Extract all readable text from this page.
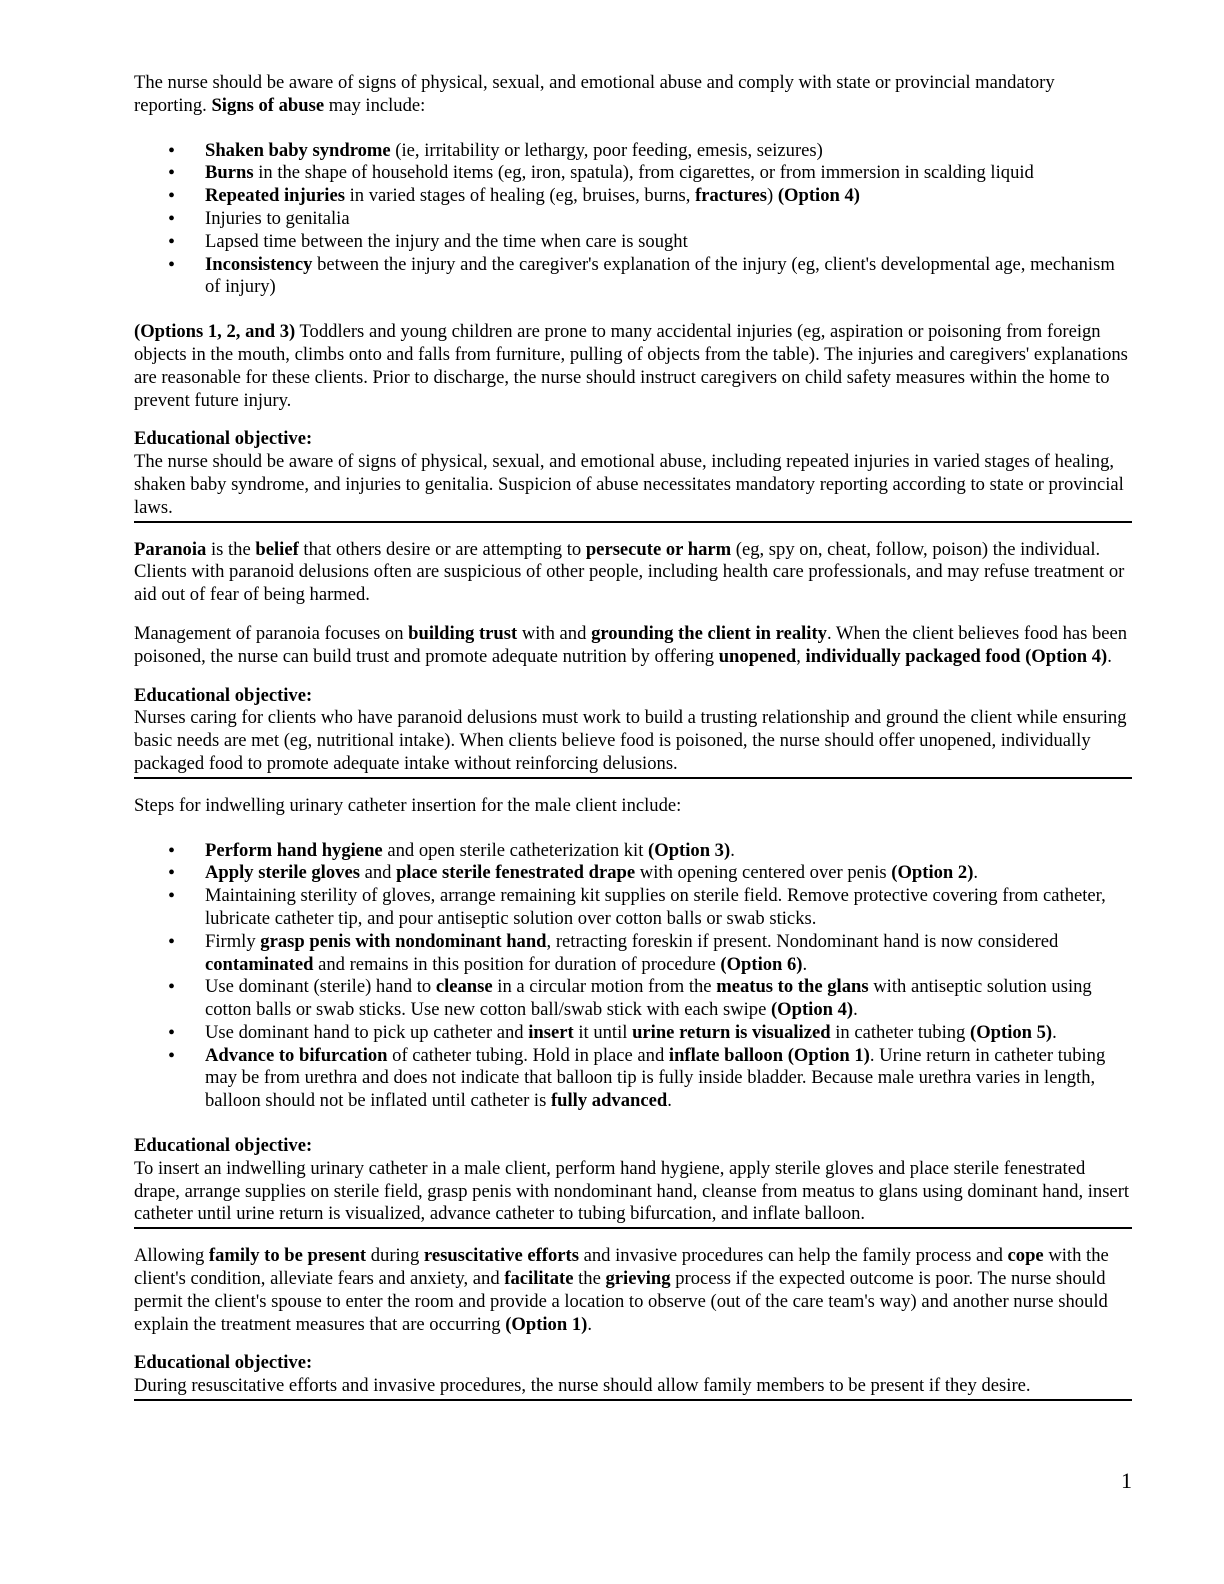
The nurse should be aware of signs of physical, sexual, and emotional abuse and comply with state or provincial mandatory reporting. Signs of abuse may include:

• Shaken baby syndrome (ie, irritability or lethargy, poor feeding, emesis, seizures)
• Burns in the shape of household items (eg, iron, spatula), from cigarettes, or from immersion in scalding liquid
• Repeated injuries in varied stages of healing (eg, bruises, burns, fractures) (Option 4)
• Injuries to genitalia
• Lapsed time between the injury and the time when care is sought
• Inconsistency between the injury and the caregiver's explanation of the injury (eg, client's developmental age, mechanism of injury)

(Options 1, 2, and 3) Toddlers and young children are prone to many accidental injuries (eg, aspiration or poisoning from foreign objects in the mouth, climbs onto and falls from furniture, pulling of objects from the table). The injuries and caregivers' explanations are reasonable for these clients. Prior to discharge, the nurse should instruct caregivers on child safety measures within the home to prevent future injury.

Educational objective:

The nurse should be aware of signs of physical, sexual, and emotional abuse, including repeated injuries in varied stages of healing, shaken baby syndrome, and injuries to genitalia. Suspicion of abuse necessitates mandatory reporting according to state or provincial laws.

Paranoia is the belief that others desire or are attempting to persecute or harm (eg, spy on, cheat, follow, poison) the individual. Clients with paranoid delusions often are suspicious of other people, including health care professionals, and may refuse treatment or aid out of fear of being harmed.

Management of paranoia focuses on building trust with and grounding the client in reality. When the client believes food has been poisoned, the nurse can build trust and promote adequate nutrition by offering unopened, individually packaged food (Option 4).

Educational objective:

Nurses caring for clients who have paranoid delusions must work to build a trusting relationship and ground the client while ensuring basic needs are met (eg, nutritional intake). When clients believe food is poisoned, the nurse should offer unopened, individually packaged food to promote adequate intake without reinforcing delusions.

Steps for indwelling urinary catheter insertion for the male client include:

• Perform hand hygiene and open sterile catheterization kit (Option 3).
• Apply sterile gloves and place sterile fenestrated drape with opening centered over penis (Option 2).
• Maintaining sterility of gloves, arrange remaining kit supplies on sterile field. Remove protective covering from catheter, lubricate catheter tip, and pour antiseptic solution over cotton balls or swab sticks.
• Firmly grasp penis with nondominant hand, retracting foreskin if present. Nondominant hand is now considered contaminated and remains in this position for duration of procedure (Option 6).
• Use dominant (sterile) hand to cleanse in a circular motion from the meatus to the glans with antiseptic solution using cotton balls or swab sticks. Use new cotton ball/swab stick with each swipe (Option 4).
• Use dominant hand to pick up catheter and insert it until urine return is visualized in catheter tubing (Option 5).
• Advance to bifurcation of catheter tubing. Hold in place and inflate balloon (Option 1). Urine return in catheter tubing may be from urethra and does not indicate that balloon tip is fully inside bladder. Because male urethra varies in length, balloon should not be inflated until catheter is fully advanced.

Educational objective:

To insert an indwelling urinary catheter in a male client, perform hand hygiene, apply sterile gloves and place sterile fenestrated drape, arrange supplies on sterile field, grasp penis with nondominant hand, cleanse from meatus to glans using dominant hand, insert catheter until urine return is visualized, advance catheter to tubing bifurcation, and inflate balloon.

Allowing family to be present during resuscitative efforts and invasive procedures can help the family process and cope with the client's condition, alleviate fears and anxiety, and facilitate the grieving process if the expected outcome is poor. The nurse should permit the client's spouse to enter the room and provide a location to observe (out of the care team's way) and another nurse should explain the treatment measures that are occurring (Option 1).

Educational objective:

During resuscitative efforts and invasive procedures, the nurse should allow family members to be present if they desire.

1
